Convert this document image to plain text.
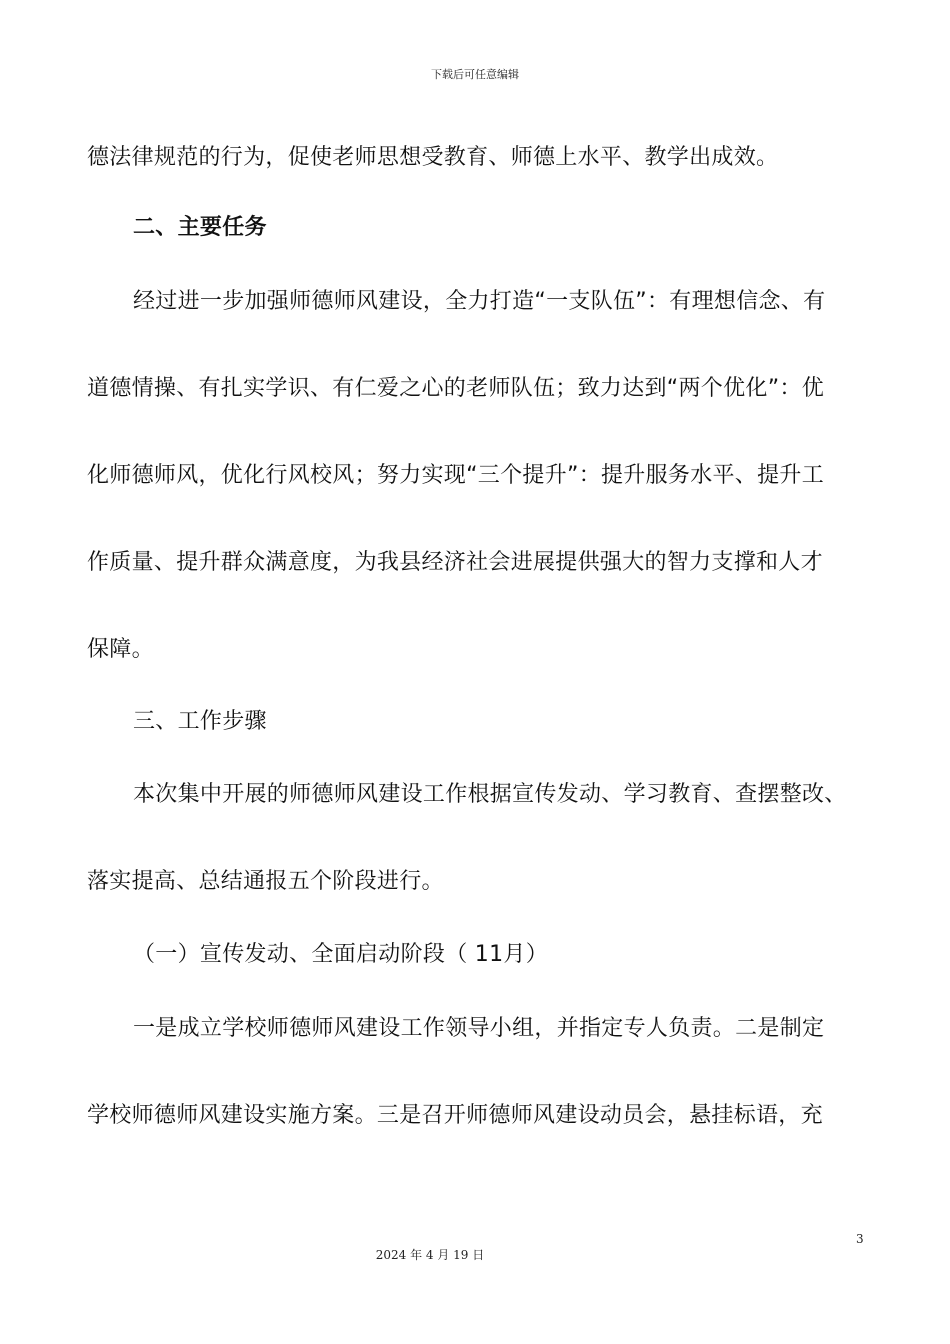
下载后可任意编辑
德法律规范的行为，促使老师思想受教育、师德上水平、教学出成效。
二、主要任务
经过进一步加强师德师风建设，全力打造“一支队伍”：有理想信念、有
道德情操、有扎实学识、有仁爱之心的老师队伍；致力达到“两个优化”：优
化师德师风，优化行风校风；努力实现“三个提升”：提升服务水平、提升工
作质量、提升群众满意度，为我县经济社会进展提供强大的智力支撑和人才
保障。
三、工作步骤
本次集中开展的师德师风建设工作根据宣传发动、学习教育、查摆整改、
落实提高、总结通报五个阶段进行。
（一）宣传发动、全面启动阶段（ 11月）
一是成立学校师德师风建设工作领导小组，并指定专人负责。二是制定
学校师德师风建设实施方案。三是召开师德师风建设动员会，悬挂标语，充
3
2024 年 4 月 19 日
